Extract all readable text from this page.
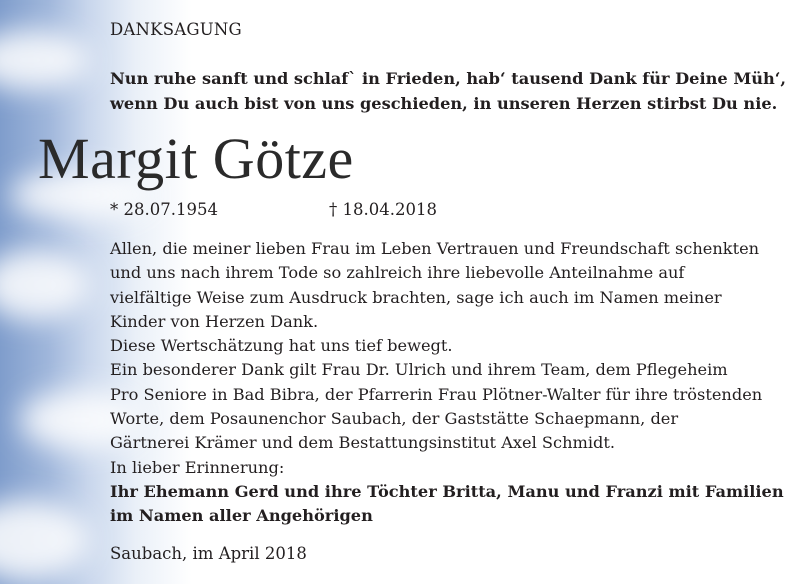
DANKSAGUNG
Nun ruhe sanft und schlaf` in Frieden, hab‘ tausend Dank für Deine Müh‘,
wenn Du auch bist von uns geschieden, in unseren Herzen stirbst Du nie.
Margit Götze
* 28.07.1954	† 18.04.2018
Allen, die meiner lieben Frau im Leben Vertrauen und Freundschaft schenkten
und uns nach ihrem Tode so zahlreich ihre liebevolle Anteilnahme auf
vielfältige Weise zum Ausdruck brachten, sage ich auch im Namen meiner
Kinder von Herzen Dank.
Diese Wertschätzung hat uns tief bewegt.
Ein besonderer Dank gilt Frau Dr. Ulrich und ihrem Team, dem Pflegeheim
Pro Seniore in Bad Bibra, der Pfarrerin Frau Plötner-Walter für ihre tröstenden
Worte, dem Posaunenchor Saubach, der Gaststätte Schaepmann, der
Gärtnerei Krämer und dem Bestattungsinstitut Axel Schmidt.
In lieber Erinnerung:
Ihr Ehemann Gerd und ihre Töchter Britta, Manu und Franzi mit Familien
im Namen aller Angehörigen
Saubach, im April 2018
